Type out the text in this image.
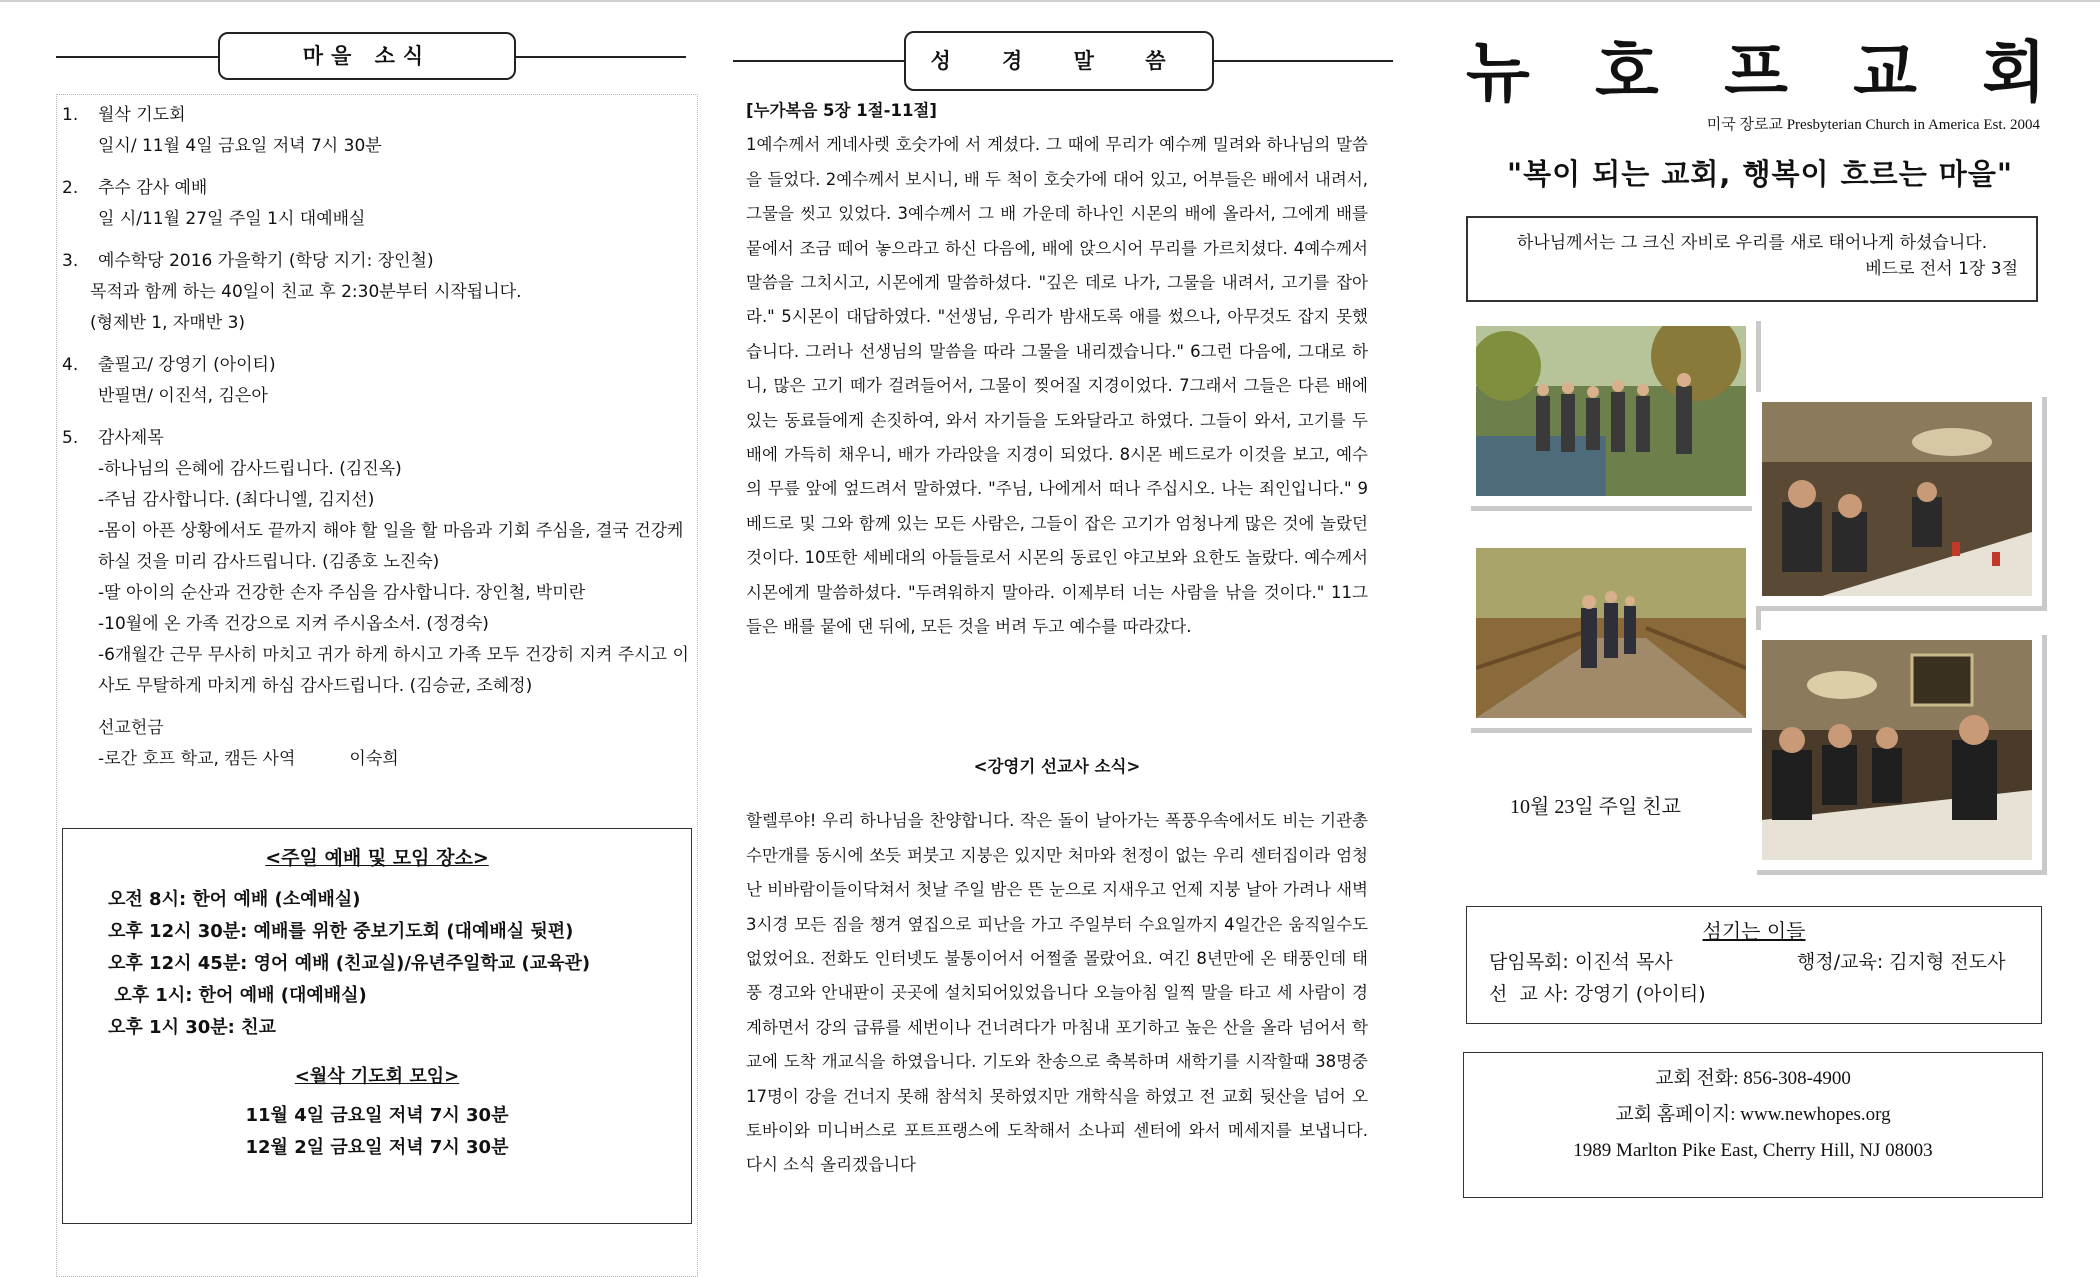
마을 소식
1.	월삭 기도회
일시/ 11월 4일 금요일 저녁 7시 30분
2.	추수 감사 예배
일 시/11월 27일 주일 1시 대예배실
3.	예수학당 2016 가을학기 (학당 지기: 장인철)
목적과 함께 하는 40일이 친교 후 2:30분부터 시작됩니다.
(형제반 1, 자매반 3)
4.	출필고/ 강영기 (아이티)
반필면/ 이진석, 김은아
5.	감사제목
-하나님의 은혜에 감사드립니다. (김진옥)
-주님 감사합니다. (최다니엘, 김지선)
-몸이 아픈 상황에서도 끝까지 해야 할 일을 할 마음과 기회 주심을, 결국 건강케 하실 것을 미리 감사드립니다. (김종호 노진숙)
-딸 아이의 순산과 건강한 손자 주심을 감사합니다. 장인철, 박미란
-10월에 온 가족 건강으로 지켜 주시옵소서. (정경숙)
-6개월간 근무 무사히 마치고 귀가 하게 하시고 가족 모두 건강히 지켜 주시고 이사도 무탈하게 마치게 하심 감사드립니다. (김승균, 조혜정)
선교헌금
-로간 호프 학교, 캠든 사역          이숙희
<주일 예배 및 모임 장소>
오전 8시: 한어 예배 (소예배실)
오후 12시 30분: 예배를 위한 중보기도회 (대예배실 뒷편)
오후 12시 45분: 영어 예배 (친교실)/유년주일학교 (교육관)
오후 1시: 한어 예배 (대예배실)
오후 1시 30분: 친교
<월삭 기도회 모임>
11월 4일 금요일 저녁 7시 30분
12월 2일 금요일 저녁 7시 30분
성 경 말 씀
[누가복음 5장 1절-11절]
1예수께서 게네사렛 호숫가에 서 계셨다. 그 때에 무리가 예수께 밀려와 하나님의 말씀을 들었다. 2예수께서 보시니, 배 두 척이 호숫가에 대어 있고, 어부들은 배에서 내려서, 그물을 씻고 있었다. 3예수께서 그 배 가운데 하나인 시몬의 배에 올라서, 그에게 배를 뭍에서 조금 떼어 놓으라고 하신 다음에, 배에 앉으시어 무리를 가르치셨다. 4예수께서 말씀을 그치시고, 시몬에게 말씀하셨다. "깊은 데로 나가, 그물을 내려서, 고기를 잡아라." 5시몬이 대답하였다. "선생님, 우리가 밤새도록 애를 썼으나, 아무것도 잡지 못했습니다. 그러나 선생님의 말씀을 따라 그물을 내리겠습니다." 6그런 다음에, 그대로 하니, 많은 고기 떼가 걸려들어서, 그물이 찢어질 지경이었다. 7그래서 그들은 다른 배에 있는 동료들에게 손짓하여, 와서 자기들을 도와달라고 하였다. 그들이 와서, 고기를 두 배에 가득히 채우니, 배가 가라앉을 지경이 되었다. 8시몬 베드로가 이것을 보고, 예수의 무릎 앞에 엎드려서 말하였다. "주님, 나에게서 떠나 주십시오. 나는 죄인입니다." 9베드로 및 그와 함께 있는 모든 사람은, 그들이 잡은 고기가 엄청나게 많은 것에 놀랐던 것이다. 10또한 세베대의 아들들로서 시몬의 동료인 야고보와 요한도 놀랐다. 예수께서 시몬에게 말씀하셨다. "두려워하지 말아라. 이제부터 너는 사람을 낚을 것이다." 11그들은 배를 뭍에 댄 뒤에, 모든 것을 버려 두고 예수를 따라갔다.
<강영기 선교사 소식>
할렐루야! 우리 하나님을 찬양합니다. 작은 돌이 날아가는 폭풍우속에서도 비는 기관총수만개를 동시에 쏘듯 퍼붓고 지붕은 있지만 처마와 천정이 없는 우리 센터집이라 엄청난 비바람이들이닥쳐서 첫날 주일 밤은 뜬 눈으로 지새우고 언제 지붕 날아 가려나 새벽 3시경 모든 짐을 챙겨 옆집으로 피난을 가고 주일부터 수요일까지 4일간은 움직일수도 없었어요. 전화도 인터넷도 불통이어서 어쩔줄 몰랐어요. 여긴 8년만에 온 태풍인데 태풍 경고와 안내판이 곳곳에 설치되어있었읍니다 오늘아침 일찍 말을 타고 세 사람이 경계하면서 강의 급류를 세번이나 건너려다가 마침내 포기하고 높은 산을 올라 넘어서 학교에 도착 개교식을 하였읍니다. 기도와 찬송으로 축복하며 새학기를 시작할때 38명중 17명이 강을 건너지 못해 참석치 못하였지만 개학식을 하였고 전 교회 뒷산을 넘어 오토바이와 미니버스로 포트프랭스에 도착해서 소나피 센터에 와서 메세지를 보냅니다. 다시 소식 올리겠읍니다
뉴 호 프 교 회
미국 장로교 Presbyterian Church in America Est. 2004
"복이 되는 교회, 행복이 흐르는 마을"
하나님께서는 그 크신 자비로 우리를 새로 태어나게 하셨습니다.
베드로 전서 1장 3절
10월 23일 주일 친교
섬기는 이들
담임목회: 이진석 목사	행정/교육: 김지형 전도사
선  교 사: 강영기 (아이티)
교회 전화: 856-308-4900
교회 홈페이지: www.newhopes.org
1989 Marlton Pike East, Cherry Hill, NJ 08003
